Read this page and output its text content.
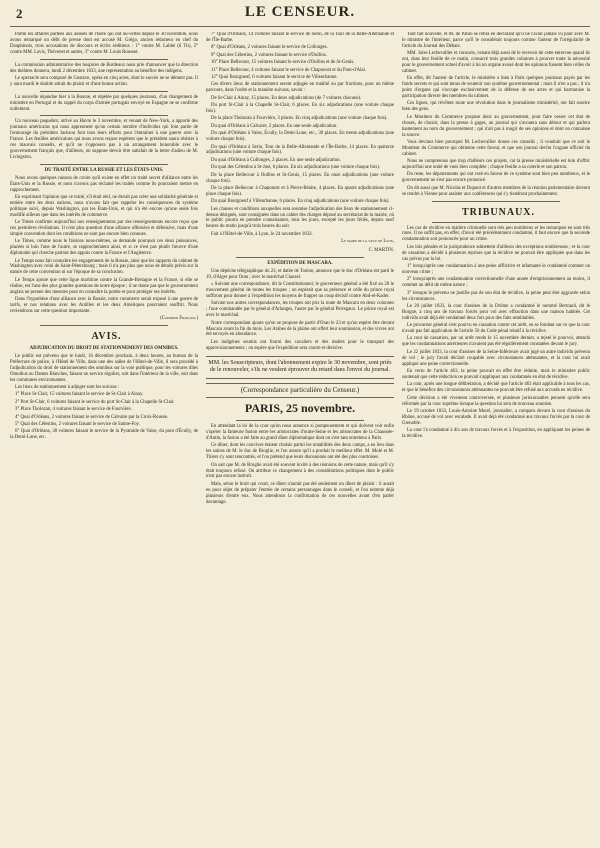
2	LE CENSEUR.

Parmi les affaires portées aux assises de l'Isère qui ont ou-vertes depuis le 30 novembre, nous avons remarqué un délit de presse dont est accusé M. Grégo, ancien rédacteur en chef du Dauphinois, trois accusations de discours et écrits séditieux : 1° contre M. Labbé (il Tit), 2° contre MM. Lavis, Thévenet et autres, 3° contre M. Louis Rousset.

La commission administrative des hospices de Bordeaux nous prie d'annoncer que la direction des théâtres donnera, lundi 2 décembre 1833, une représentation au bénéfice des indigens.

Le spectacle sera composé de Gustave, opéra en cinq actes, dont le succès ne se dément pas. Il y aura mardi le double attrait du plaisir et d'une bonne action.

La nouvelle répandue hier à la Bourse, et répétée par quelques journaux, d'un changement de ministère en Portugal et du rappel du corps d'armée portugais envoyé en Espagne ne se confirme nullement.

Un nouveau paquebot, arrivé au Havre le 3 novembre, et venant de New-York, a apporté des journaux américains qui nous apprennent qu'un certain nombre d'individus qui font partie de l'entourage du président Jackson font tous leurs efforts pour l'entraîner à une guerre avec la France. Les feuilles américaines qui nous avons reçues espèrent que le président saura résister à ces mauvais conseils, et qu'il ne s'opposera pas à un arrangement honorable avec le gouvernement français que, d'ailleurs, on suppose devoir être satisfait de la lettre d'adieu de M. Livingston.

DU TRAITÉ ENTRE LA RUSSIE ET LES ÉTATS-UNIS.

Nous avons quelques raisons de croire qu'il existe en effet un traité secret d'alliance entre les États-Unis et la Russie, et nous n'avons pas réclamé les traités comme ils pourraient mettre en rapprochement.

En exprimant l'opinion que ce traité, s'il était réel, ne devait pas créer une solidarité générale et entière entre les deux nations, nous n'avons fait que rappeler les conséquences du système politique suivi, depuis Washington, par les États-Unis, et qui n'a été encore qu'une seule fois modifié ailleurs que dans les intérêts de commerce.

Le Times confirme aujourd'hui nos renseignements par des renseignements encore reçus que ces premières révélations. Il n'est plus question d'une alliance offensive et défensive, mais d'une simple convention dont les conditions ne sont pas encore bien connues.

Le Times, comme nous le faisions nous-mêmes, se demande pourquoi ces deux puissances, placées si loin l'une de l'autre, se rapprocheraient ainsi, et si ce n'est pas plutôt l'œuvre d'une diplomatie qui cherche partout des appuis contre la France et l'Angleterre.

Le Temps nous fait connaître les engagements de la Russie, ainsi que les rapports du cabinet de Washington avec celui de Saint-Pétersbourg ; mais il n'a pas plus que nous de détails précis sur la nature de cette convention ni sur l'époque de sa conclusion.

Le Temps ajoute que cette ligue maritime contre la Grande-Bretagne et la France, si elle se réalise, est l'une des plus grandes questions de notre époque ; il ne doute pas que le gouvernement anglais ne prenne des mesures pour en connaître la portée et pour protéger ses intérêts.

Dans l'hypothèse d'une alliance avec la Russie, notre commerce serait exposé à une guerre de tarifs, et nos relations avec les Antilles et les deux Amériques pourraient souffrir. Nous reviendrons sur cette question importante.

(Courrier Français.)

AVIS.

ADJUDICATION DU DROIT DE STATIONNEMENT DES OMNIBUS.

Le public est prévenu que le lundi, 16 décembre prochain, à deux heures, au bureau de la Préfecture de police, à l'Hôtel de Ville, dans une des salles de l'Hôtel-de-Ville, il sera procédé à l'adjudication du droit de stationnement des omnibus sur la voie publique, pour les voitures dites Omnibus ou Dames Blanches, faisant un service régulier, soit dans l'intérieur de la ville, soit dans les communes environnantes.

Les lieux de stationnement à adjuger sont les suivans :

1° Place St-Clair, 15 voitures faisant le service de St-Clair à Ainay.

2° Port St-Clair, 6 voitures faisant le service du port St-Clair à la Chapelle St-Clair.

3° Place Tholozan, 4 voitures faisant le service de Fourvière.

4° Quai d'Orléans, 2 voitures faisant le service de Calvaire par la Croix-Rousse.

5° Quai des Célestins, 2 voitures faisant le service de Sainte-Foy.

6° Quai d'Orléans, 30 voitures faisant le service de la Pyramide de Vaise, du pont d'Écully, de la Demi-Lune, etc.

7° Quai d'Orléans, 14 voitures faisant le service de Serin, de la Tour de la Belle-Allemande et de l'Île-Barbe.

8° Quai d'Orléans, 2 voitures faisant le service de Collonges.

9° Quai des Célestins, 2 voitures faisant le service d'Oullins.

10° Place Bellecour, 15 voitures faisant le service d'Oullins et de St-Genis.

11° Place Bellecour, 4 voitures faisant le service de Chaponost et du Pont-d'Alaï.

12° Quai Bourgneuf, 6 voitures faisant le service de Villeurbanne.

Ces divers lieux de stationnement seront adjugés en totalité ou par fractions, pour un même parcours, dans l'ordre et la manière suivans, savoir :

De St-Clair à Ainay, 15 places. En deux adjudications (de 7 voitures chacune).

Du port St-Clair à la Chapelle St-Clair, 6 places. En six adjudications (une voiture chaque fois).

De la place Tholozan à Fourvière, 3 places. En cinq adjudications (une voiture chaque fois).

Du quai d'Orléans à Calvaire, 2 places. En une seule adjudication.

Du quai d'Orléans à Vaise, Écully, la Demi-Lune, etc., 30 places. En trente adjudications (une voiture chaque fois).

Du quai d'Orléans à Serin, Tour de la Belle-Allemande et l'Île-Barbe, 14 places. En quatorze adjudications (une voiture chaque fois).

Du quai d'Orléans à Collonges, 2 places. En une seule adjudication.

Du quai des Célestins à St-Just, 6 places. En six adjudications (une voiture chaque fois).

De la place Bellecour à Oullins et St-Genis, 15 places. En onze adjudications (une voiture chaque fois).

De la place Bellecour à Chaponost et à Pierre-Bénite, 4 places. En quatre adjudications (une place chaque fois).

Du quai Bourgneuf à Villeurbanne, 6 places. En cinq adjudications (une voiture chaque fois).

Les clauses et conditions auxquelles sera soumise l'adjudication des lieux de stationnement ci-dessus désignés, sont consignées dans un cahier des charges déposé au secrétariat de la mairie, où le public pourra en prendre connaissance, tous les jours, excepté les jours fériés, depuis neuf heures du matin jusqu'à trois heures du soir.

Fait à l'Hôtel-de-Ville, à Lyon, le 24 novembre 1833.

Le maire de la ville de Lyon,

C. MARTIN.

EXPÉDITION DE MASCARA.

Une dépêche télégraphique du 23, et datée de Toulon, annonce que le duc d'Orléans est parti le 19, d'Alger pour Oran ; avec le maréchal Clauzel.

« Suivant une correspondance, dit le Constitutionnel, le gouverneur général a été fixé au 20 le mouvement général de toutes les troupes ; on espérait que sa présence et celle du prince royal suffiront pour donner à l'expédition les moyens de frapper un coup décisif contre Abd-el-Kader.

Suivant nos autres correspondances, les troupes ont pris la route de Mascara en deux colonnes ; l'une commandée par le général d'Arlanges, l'autre par le général Perregaux. Le prince royal est avec le maréchal.

Notre correspondant ajoute qu'on se propose de partir d'Oran le 23 et qu'on espère être devant Mascara avant la fin du mois. Les Arabes de la plaine ont offert leur soumission, et des vivres ont été envoyés en abondance.

Les indigènes soumis ont fourni des cavaliers et des mulets pour le transport des approvisionnements ; on espère que l'expédition sera courte et décisive.

MM. les Souscripteurs, dont l'abonnement expire le 30 novembre, sont priés de le renouveler, s'ils ne veulent éprouver du retard dans l'envoi du journal.

(Correspondance particulière du Censeur.)
PARIS, 25 novembre.

En attendant la loi de la cour qu'on nous annonce si pompeusement et qui doivent voir enfin s'opérer la fameuse fusion entre les aristocrates d'outre-Seine et les aristocrates de la Chaussée-d'Antin, la fusion a été faite au grand dîner diplomatique dont on s'est tant entretenu à Paris.

Ce dîner, dont les convives étaient choisis parmi les notabilités des deux camps, a eu lieu dans les salons de M. le duc de Broglie, et l'on assure qu'il a produit le meilleur effet. M. Molé et M. Thiers s'y sont rencontrés, et l'on prétend que leurs discussions ont été des plus courtoises.

On sait que M. de Broglie avait été souvent invité à des réunions de cette nature, mais qu'il s'y était toujours refusé. On attribue ce changement à des considérations politiques dont le public n'est pas encore instruit.

Mais, selon le bruit qui court, ce dîner n'aurait pas été seulement un dîner de plaisir : il aurait eu pour objet de préparer l'entrée de certains personnages dans le conseil, et l'on nomme déjà plusieurs d'entre eux. Nous attendrons la confirmation de ces nouvelles avant d'en parler davantage.

Tout fait nouvelle, et M. de Pablo se retira en déclarant qu'il ne l'avait jamais vu pour avec M. le ministre de l'intérieur, parce qu'il le considérait toujours comme l'auteur de l'irrégularité de l'article du Journal des Débats.

MM. Jules Lechevallier et consorts, venant déjà aussi de le recevoir de cette entrevue quand ils ont, dans leur feuille de ce matin, consacré trois grandes colonnes à prouver toute la nécessité pour le gouvernement actuel d'avoir à lui un organe avoué dont les opinions fussent bien celles du cabinet.

En effet, dit l'auteur de l'article, le ministère a bien à Paris quelques journaux payés par les fonds secrets et qui sont tenus de soutenir son système gouvernemental ; mais il n'en a pas ; il n'a point d'organe qui s'occupe exclusivement de la défense de ses actes et qui harmonise la participation directe des membres du cabinet.

Ces lignes, qui révèlent toute une révolution dans le journalisme ministériel, ont fait sourire bien des gens.

Le Moniteur du Commerce propose donc au gouvernement, pour faire cesser cet état de choses, de choisir, dans la presse à gages, un journal qui s'avouera sans détour et qui parlera hautement au nom du gouvernement ; qui n'ait pas à rougir de ses opinions et dont on connaisse la source.

Vous devinez bien pourquoi M. Lechevallier donne ces conseils ; il voudrait que ce soit le Moniteur du Commerce qui obtienne cette faveur, et que son journal devînt l'organe officiel du cabinet.

Nous ne comprenons que trop d'ailleurs ces projets, car la presse ministérielle est loin d'offrir aujourd'hui une unité de vues bien complète ; chaque feuille a sa coterie et son patron.

Du reste, les départements qui ont voté en faveur de ce système sont bien peu nombreux, et le gouvernement ne s'est pas encore prononcé.

On dit aussi que M. Nicolas et Dupont et d'autres membres de la réunion parlementaire doivent se rendre à Vienne pour assister aux conférences qui s'y tiendront prochainement.

TRIBUNAUX.

Les cas de récidive en matière criminelle sont très peu nombreux et les remarques en sont très rares. Il ne suffit pas, en effet, d'avoir été précédemment condamné, il faut encore que la seconde condamnation soit prononcée pour un crime.

Les lois pénales et la jurisprudence admettent d'ailleurs des exceptions nombreuses ; et la cour de cassation a décidé à plusieurs reprises que la récidive ne pouvait être appliquée que dans les cas prévus par la loi.

1° lorsqu'après une condamnation à une peine afflictive et infamante le condamné commet un nouveau crime ;

2° lorsqu'après une condamnation correctionnelle d'une année d'emprisonnement au moins, il commet un délit de même nature ;

3° lorsque le prévenu ne justifie pas de son état de récidive, la peine peut être aggravée selon les circonstances.

Le 20 juillet 1833, la cour d'assises de la Drôme a condamné le nommé Bertrand, dit le Borgne, à cinq ans de travaux forcés pour vol avec effraction dans une maison habitée. Cet individu avait déjà été condamné deux fois pour des faits semblables.

Le procureur général s'est pourvu en cassation contre cet arrêt, en se fondant sur ce que la cour n'avait pas fait application de l'article 56 du Code pénal relatif à la récidive.

La cour de cassation, par un arrêt rendu le 15 novembre dernier, a rejeté le pourvoi, attendu que les condamnations antérieures n'avaient pas été régulièrement constatées devant le jury.

Le 22 juillet 1833, la cour d'assises de la Seine-Inférieure avait jugé un autre individu prévenu de vol ; le jury l'avait déclaré coupable avec circonstances atténuantes, et la cour lui avait appliqué une peine correctionnelle.

En vertu de l'article 463, la peine pouvait en effet être réduite, mais le ministère public soutenait que cette réduction ne pouvait s'appliquer aux condamnés en état de récidive.

La cour, après une longue délibération, a décidé que l'article 463 était applicable à tous les cas, et que le bénéfice des circonstances atténuantes ne pouvait être refusé aux accusés en récidive.

Cette décision a été vivement controversée, et plusieurs jurisconsultes pensent qu'elle sera réformée par la cour suprême lorsque la question lui sera de nouveau soumise.

Le 19 octobre 1833, Louis-Antoine Morel, journalier, a comparu devant la cour d'assises du Rhône, accusé de vol avec escalade. Il avait déjà été condamné aux travaux forcés par la cour de Grenoble.

La cour l'a condamné à dix ans de travaux forcés et à l'exposition, en appliquant les peines de la récidive.
